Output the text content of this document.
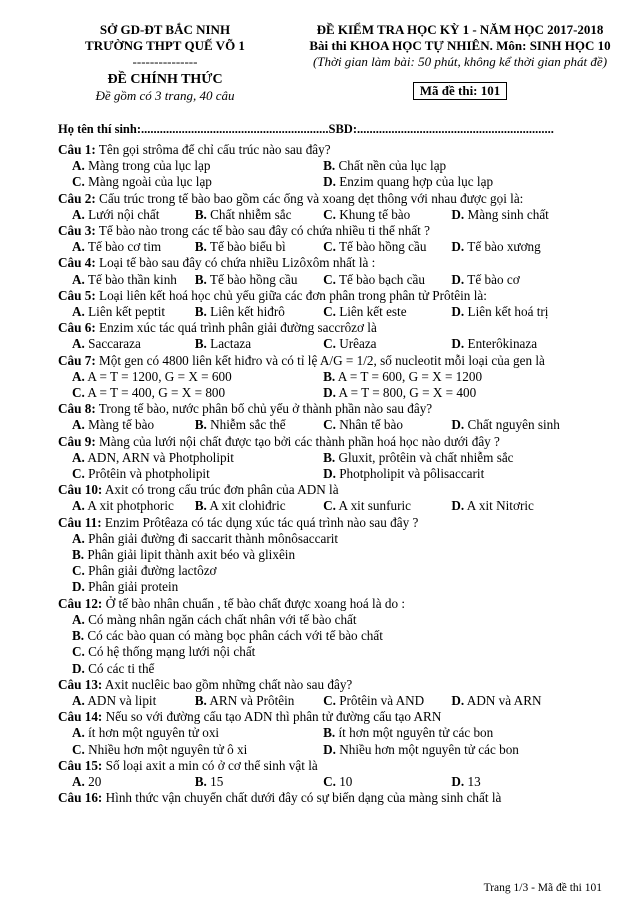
SỞ GD-ĐT BẮC NINH
TRƯỜNG THPT QUẾ VÕ 1
---------------
ĐỀ CHÍNH THỨC
Đề gồm có 3 trang, 40 câu
ĐỀ KIỂM TRA HỌC KỲ 1 - NĂM HỌC 2017-2018
Bài thi KHOA HỌC TỰ NHIÊN. Môn: SINH HỌC 10
(Thời gian làm bài: 50 phút, không kể thời gian phát đề)
Mã đề thi: 101
Họ tên thí sinh:............................................................SBD:...............................................................
Câu 1: Tên gọi strôma để chỉ cấu trúc nào sau đây?
A. Màng trong của lục lạp	B. Chất nền của lục lạp
C. Màng ngoài của lục lạp	D. Enzim quang hợp của lục lạp
Câu 2: Cấu trúc trong tế bào bao gồm các ống và xoang dẹt thông với nhau được gọi là:
A. Lưới nội chất	B. Chất nhiễm sắc	C. Khung tế bào	D. Màng sinh chất
Câu 3: Tế bào nào trong các tế bào sau đây có chứa nhiều ti thể nhất ?
A. Tế bào cơ tim	B. Tế bào biểu bì	C. Tế bào hồng cầu	D. Tế bào xương
Câu 4: Loại tế bào sau đây có chứa nhiều Lizôxôm nhất là :
A. Tế bào thần kinh	B. Tế bào hồng cầu	C. Tế bào bạch cầu	D. Tế bào cơ
Câu 5: Loại liên kết hoá học chủ yếu giữa các đơn phân trong phân tử Prôtêin là:
A. Liên kết peptit	B. Liên kết hiđrô	C. Liên kết este	D. Liên kết hoá trị
Câu 6: Enzim xúc tác quá trình phân giải đường saccrôzơ là
A. Saccaraza	B. Lactaza	C. Urêaza	D. Enterôkinaza
Câu 7: Một gen có 4800 liên kết hiđro và có tỉ lệ A/G = 1/2, số nucleotit mỗi loại của gen là
A. A = T = 1200, G = X = 600	B. A = T = 600, G = X = 1200
C. A = T = 400, G = X = 800	D. A = T = 800, G = X = 400
Câu 8: Trong tế bào, nước phân bố chủ yếu ở thành phần nào sau đây?
A. Màng tế bào	B. Nhiễm sắc thể	C. Nhân tế bào	D. Chất nguyên sinh
Câu 9: Màng của lưới nội chất được tạo bởi các thành phần hoá học nào dưới đây ?
A. ADN, ARN và Photpholipit	B. Gluxit, prôtêin và chất nhiễm sắc
C. Prôtêin và photpholipit	D. Photpholipit và pôlisaccarit
Câu 10: Axit có trong cấu trúc đơn phân của ADN là
A. A xit photphoric	B. A xit clohiđric	C. A xit sunfuric	D. A xit Nitơric
Câu 11: Enzim Prôtêaza có tác dụng xúc tác quá trình nào sau đây ?
A. Phân giải đường đi saccarit thành mônôsaccarit
B. Phân giải lipit thành axit béo và glixêin
C. Phân giải đường lactôzơ
D. Phân giải protein
Câu 12: Ở tế bào nhân chuẩn , tế bào chất được xoang hoá là do :
A. Có màng nhân ngăn cách chất nhân với tế bào chất
B. Có các bào quan có màng bọc phân cách với tế bào chất
C. Có hệ thống mạng lưới nội chất
D. Có các ti thể
Câu 13: Axit nuclêic bao gồm những chất nào sau đây?
A. ADN và lipit	B. ARN và Prôtêin	C. Prôtêin và AND	D. ADN và ARN
Câu 14: Nếu so với đường cấu tạo ADN thì phân tử đường cấu tạo ARN
A. ít hơn một nguyên tử oxi	B. ít hơn một nguyên tử các bon
C. Nhiều hơn một nguyên tử ô xi	D. Nhiều hơn một nguyên tử các bon
Câu 15: Số loại axit a min có ở cơ thể sinh vật là
A. 20	B. 15	C. 10	D. 13
Câu 16: Hình thức vận chuyển chất dưới đây có sự biến dạng của màng sinh chất là
Trang 1/3 - Mã đề thi 101
